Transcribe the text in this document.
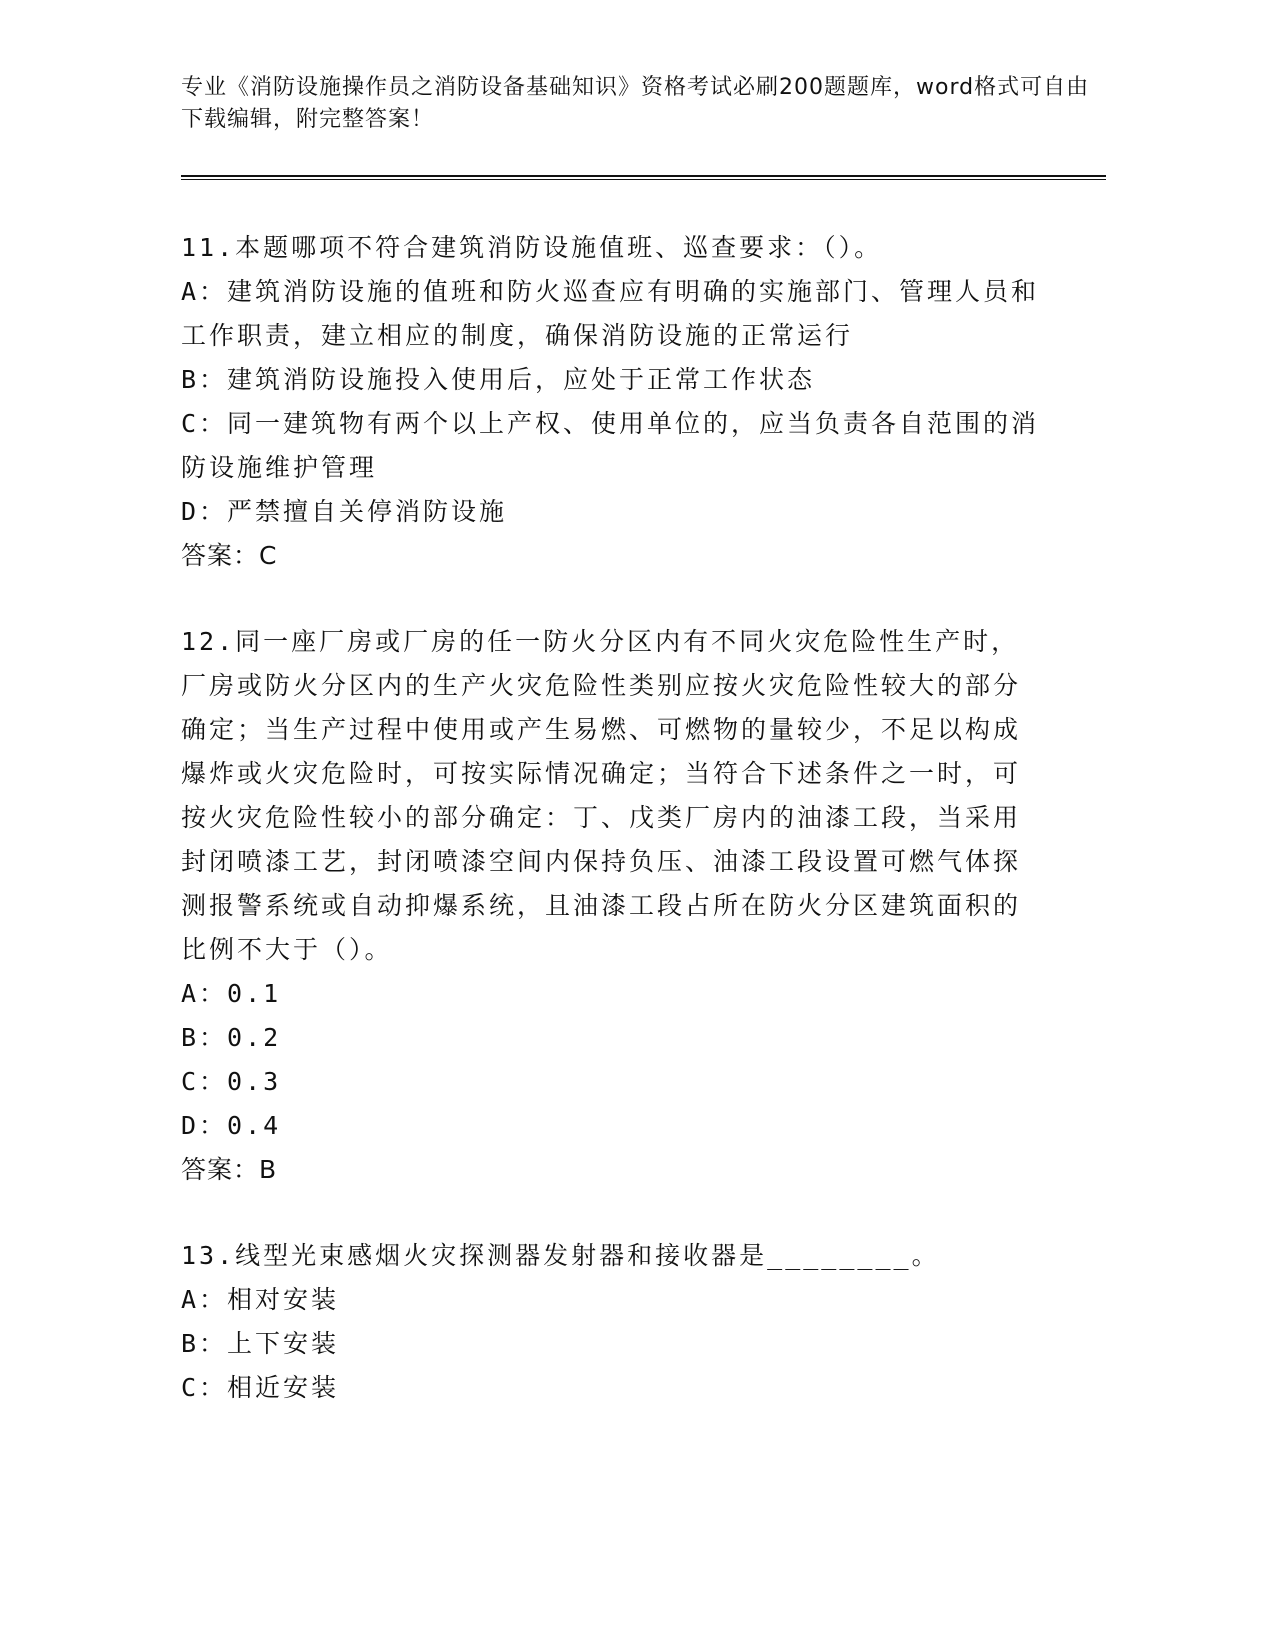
专业《消防设施操作员之消防设备基础知识》资格考试必刷200题题库，word格式可自由下载编辑，附完整答案！

11.本题哪项不符合建筑消防设施值班、巡查要求：（）。

A：建筑消防设施的值班和防火巡查应有明确的实施部门、管理人员和工作职责，建立相应的制度，确保消防设施的正常运行

B：建筑消防设施投入使用后，应处于正常工作状态

C：同一建筑物有两个以上产权、使用单位的，应当负责各自范围的消防设施维护管理

D：严禁擅自关停消防设施

答案：C

12.同一座厂房或厂房的任一防火分区内有不同火灾危险性生产时，厂房或防火分区内的生产火灾危险性类别应按火灾危险性较大的部分确定；当生产过程中使用或产生易燃、可燃物的量较少，不足以构成爆炸或火灾危险时，可按实际情况确定；当符合下述条件之一时，可按火灾危险性较小的部分确定：丁、戊类厂房内的油漆工段，当采用封闭喷漆工艺，封闭喷漆空间内保持负压、油漆工段设置可燃气体探测报警系统或自动抑爆系统，且油漆工段占所在防火分区建筑面积的比例不大于（）。

A：0.1

B：0.2

C：0.3

D：0.4

答案：B

13.线型光束感烟火灾探测器发射器和接收器是________。

A：相对安装

B：上下安装

C：相近安装
